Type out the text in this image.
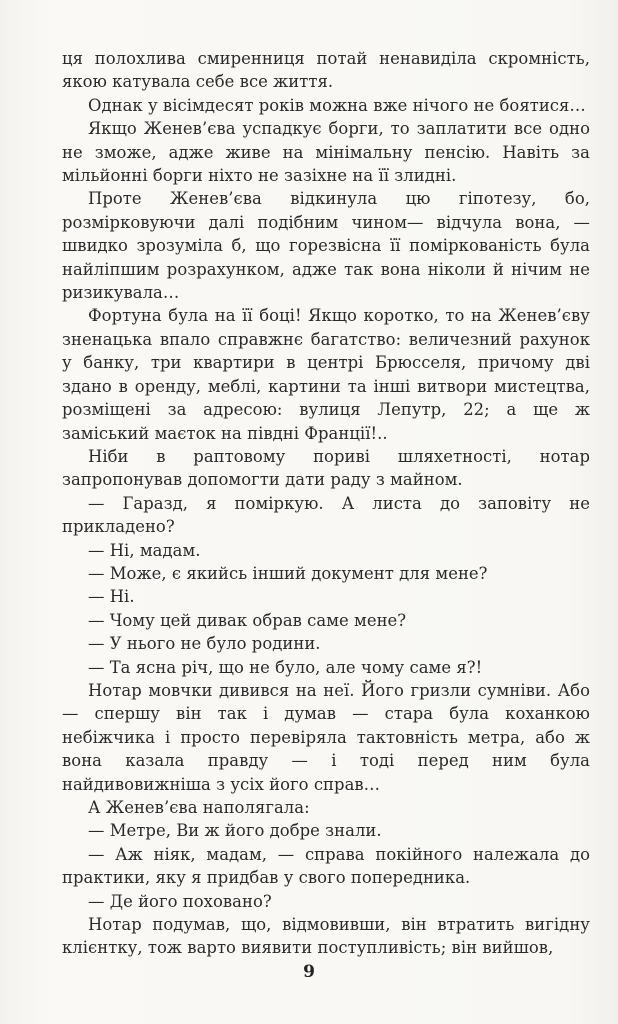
ця полохлива смиренниця потай ненавиділа скромність, якою катувала себе все життя.

Однак у вісімдесят років можна вже нічого не боятися…

Якщо Женев’єва успадкує борги, то заплатити все одно не зможе, адже живе на мінімальну пенсію. Навіть за мільйонні борги ніхто не зазіхне на її злидні.

Проте Женев’єва відкинула цю гіпотезу, бо, розмірковуючи далі подібним чином— відчула вона, — швидко зрозуміла б, що горезвісна її поміркованість була найліпшим розрахунком, адже так вона ніколи й нічим не ризикувала…

Фортуна була на її боці! Якщо коротко, то на Женев’єву зненацька впало справжнє багатство: величезний рахунок у банку, три квартири в центрі Брюсселя, причому дві здано в оренду, меблі, картини та інші витвори мистецтва, розміщені за адресою: вулиця Лепутр, 22; а ще ж заміський маєток на півдні Франції!..

Ніби в раптовому пориві шляхетності, нотар запропонував допомогти дати раду з майном.

— Гаразд, я поміркую. А листа до заповіту не прикладено?

— Ні, мадам.

— Може, є якийсь інший документ для мене?

— Ні.

— Чому цей дивак обрав саме мене?

— У нього не було родини.

— Та ясна річ, що не було, але чому саме я?!

Нотар мовчки дивився на неї. Його гризли сумніви. Або — спершу він так і думав — стара була коханкою небіжчика і просто перевіряла тактовність метра, або ж вона казала правду — і тоді перед ним була найдивовижніша з усіх його справ…

А Женев’єва наполягала:

— Метре, Ви ж його добре знали.

— Аж ніяк, мадам, — справа покійного належала до практики, яку я придбав у свого попередника.

— Де його поховано?

Нотар подумав, що, відмовивши, він втратить вигідну клієнтку, тож варто виявити поступливість; він вийшов,

9
